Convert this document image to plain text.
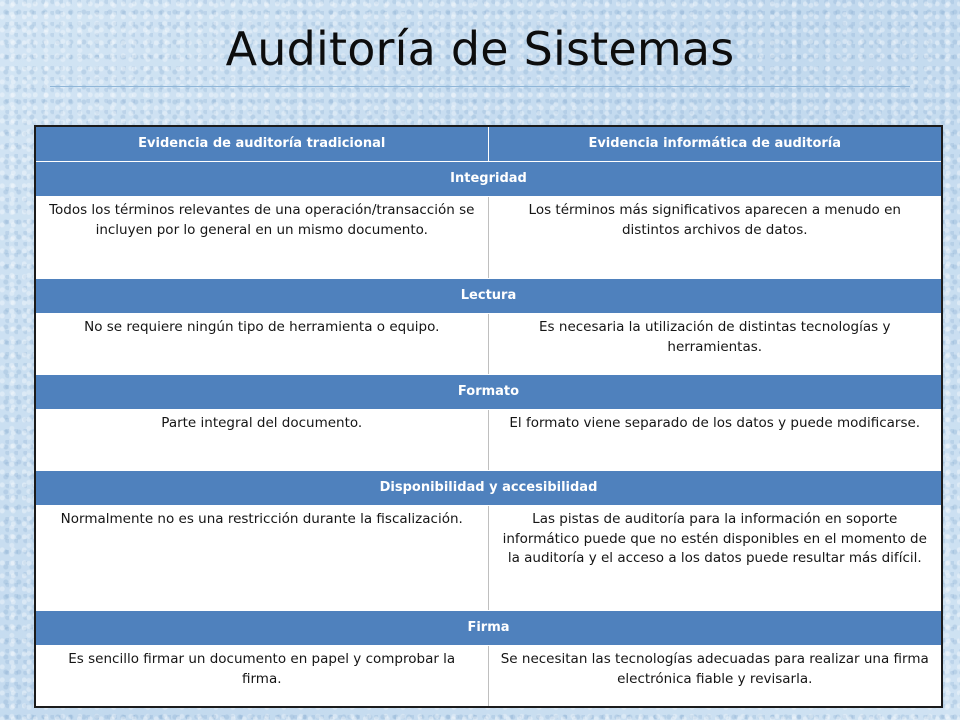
Auditoría de Sistemas
Evidencia de auditoría tradicional	Evidencia informática de auditoría
Integridad	
Todos los términos relevantes de una operación/transacción se incluyen por lo general en un mismo documento.	Los términos más significativos aparecen a menudo en distintos archivos de datos.
Lectura	
No se requiere ningún tipo de herramienta o equipo.	Es necesaria la utilización de distintas tecnologías y herramientas.
Formato	
Parte integral del documento.	El formato viene separado de los datos y puede modificarse.
Disponibilidad y accesibilidad	
Normalmente no es una restricción durante la fiscalización.	Las pistas de auditoría para la información en soporte informático puede que no estén disponibles en el momento de la auditoría y el acceso a los datos puede resultar más difícil.
Firma	
Es sencillo firmar un documento en papel y comprobar la firma.	Se necesitan las tecnologías adecuadas para realizar una firma electrónica fiable y revisarla.
